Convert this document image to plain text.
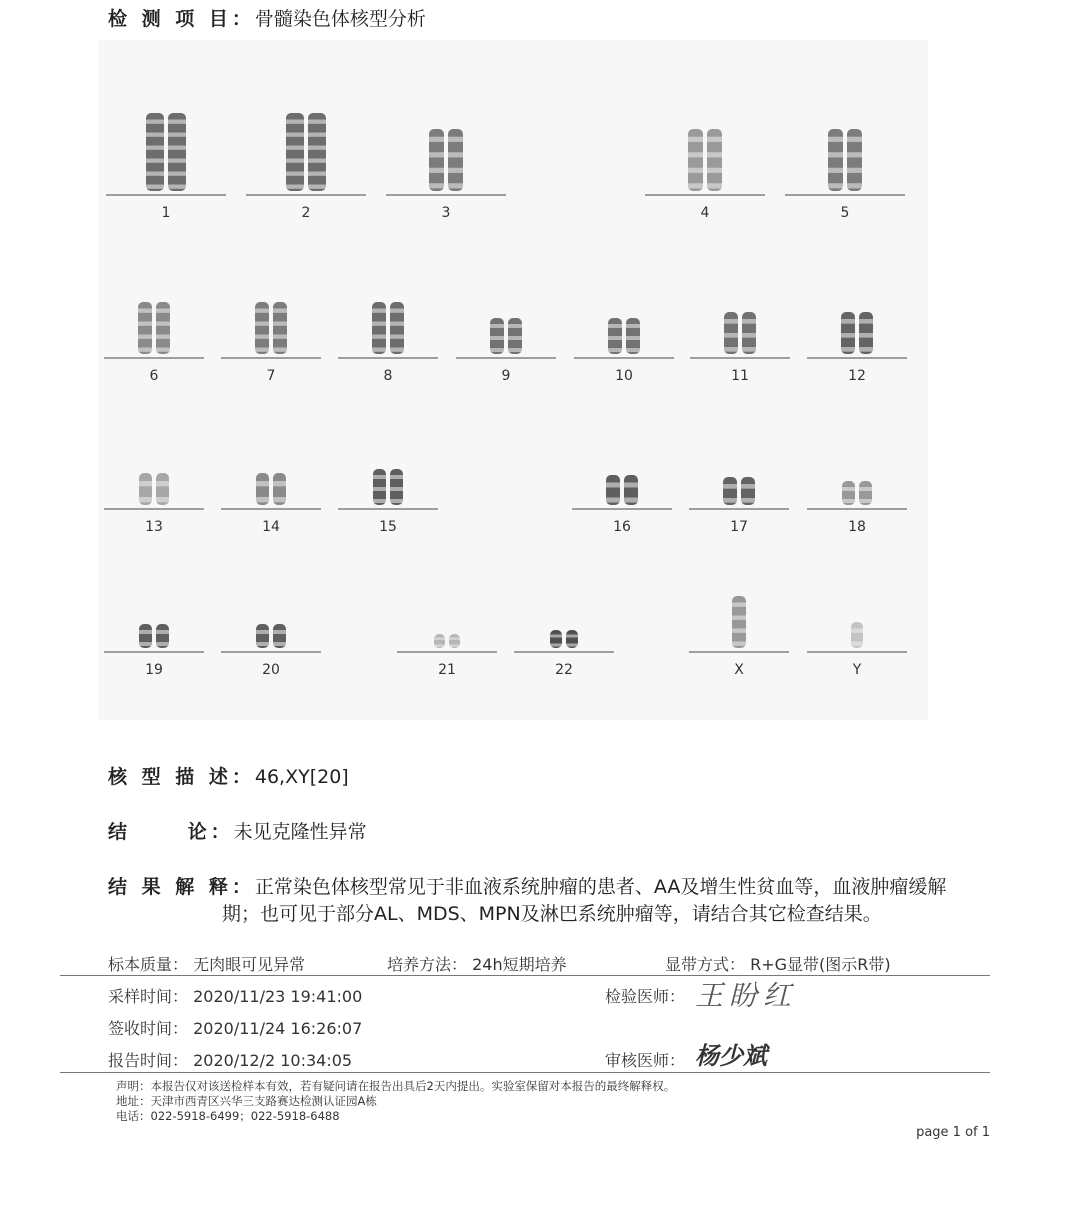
检 测 项 目：骨髓染色体核型分析
1	2	3	4	5
6	7	8	9	10	11	12
13	14	15	16	17	18
19	20	21	22	X	Y
核 型 描 述：46,XY[20]
结　　 论：未见克隆性异常
结 果 解 释：正常染色体核型常见于非血液系统肿瘤的患者、AA及增生性贫血等，血液肿瘤缓解
期；也可见于部分AL、MDS、MPN及淋巴系统肿瘤等，请结合其它检查结果。
标本质量： 无肉眼可见异常	培养方法： 24h短期培养	显带方式： R+G显带(图示R带)
采样时间： 2020/11/23 19:41:00
签收时间： 2020/11/24 16:26:07
报告时间： 2020/12/2 10:34:05
检验医师： 王盼红
审核医师： 杨少斌
声明：本报告仅对该送检样本有效，若有疑问请在报告出具后2天内提出。实验室保留对本报告的最终解释权。
地址：天津市西青区兴华三支路赛达检测认证园A栋
电话：022-5918-6499；022-5918-6488
page 1 of 1
